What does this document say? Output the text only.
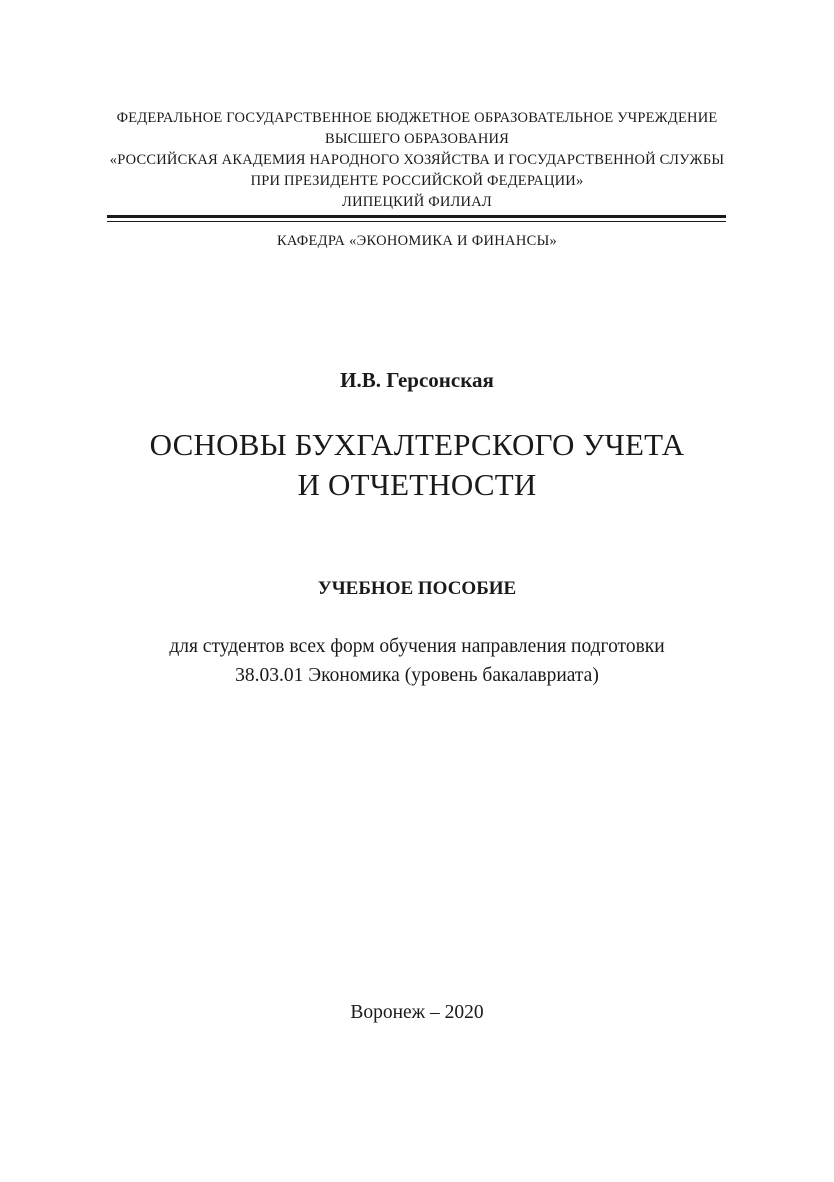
ФЕДЕРАЛЬНОЕ ГОСУДАРСТВЕННОЕ БЮДЖЕТНОЕ ОБРАЗОВАТЕЛЬНОЕ УЧРЕЖДЕНИЕ
ВЫСШЕГО ОБРАЗОВАНИЯ
«РОССИЙСКАЯ АКАДЕМИЯ НАРОДНОГО ХОЗЯЙСТВА И ГОСУДАРСТВЕННОЙ СЛУЖБЫ
ПРИ ПРЕЗИДЕНТЕ РОССИЙСКОЙ ФЕДЕРАЦИИ»
ЛИПЕЦКИЙ ФИЛИАЛ
КАФЕДРА «ЭКОНОМИКА И ФИНАНСЫ»
И.В. Герсонская
ОСНОВЫ БУХГАЛТЕРСКОГО УЧЕТА
И ОТЧЕТНОСТИ
УЧЕБНОЕ ПОСОБИЕ
для студентов всех форм обучения направления подготовки
38.03.01 Экономика (уровень бакалавриата)
Воронеж – 2020
